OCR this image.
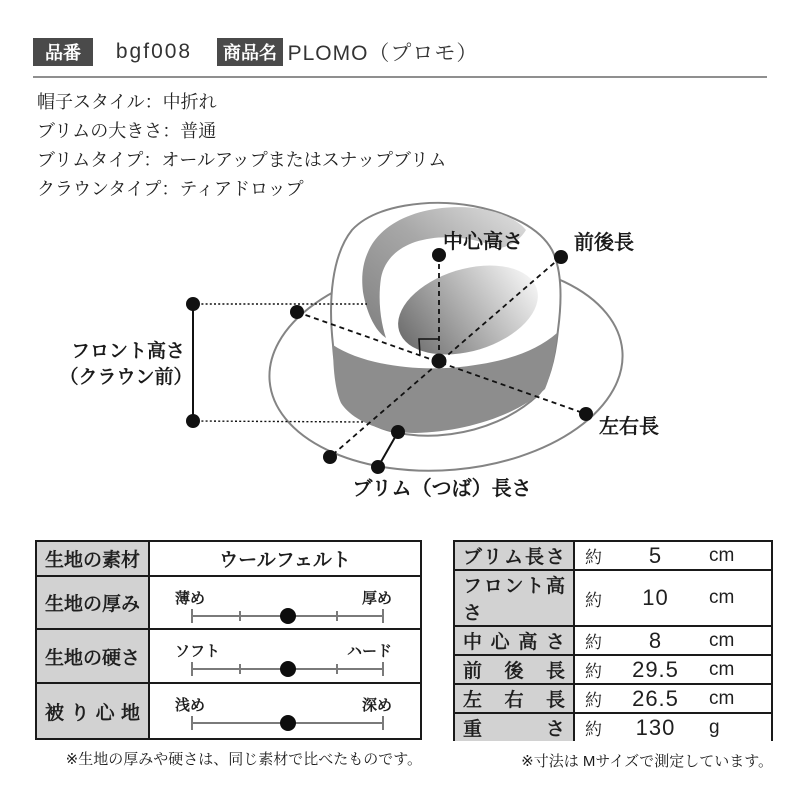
品番	bgf008	商品名 PLOMO（プロモ）
帽子スタイル：中折れ
ブリムの大きさ：普通
ブリムタイプ：オールアップまたはスナップブリム
クラウンタイプ：ティアドロップ
中心高さ	前後長
フロント高さ
（クラウン前）
左右長
ブリム（つば）長さ
生地の素材	ウールフェルト
生地の厚み 薄め	厚め
生地の硬さ ソフト	ハード
被り心地 浅め	深め
ブリム長さ 約	5	cm
フロント高さ
約	10	cm
中心高さ 約	8	cm
前後長 約	29.5	cm
左右長 約	26.5	cm
重さ 約	130	g
※生地の厚みや硬さは、同じ素材で比べたものです。	※寸法は Mサイズで測定しています。
